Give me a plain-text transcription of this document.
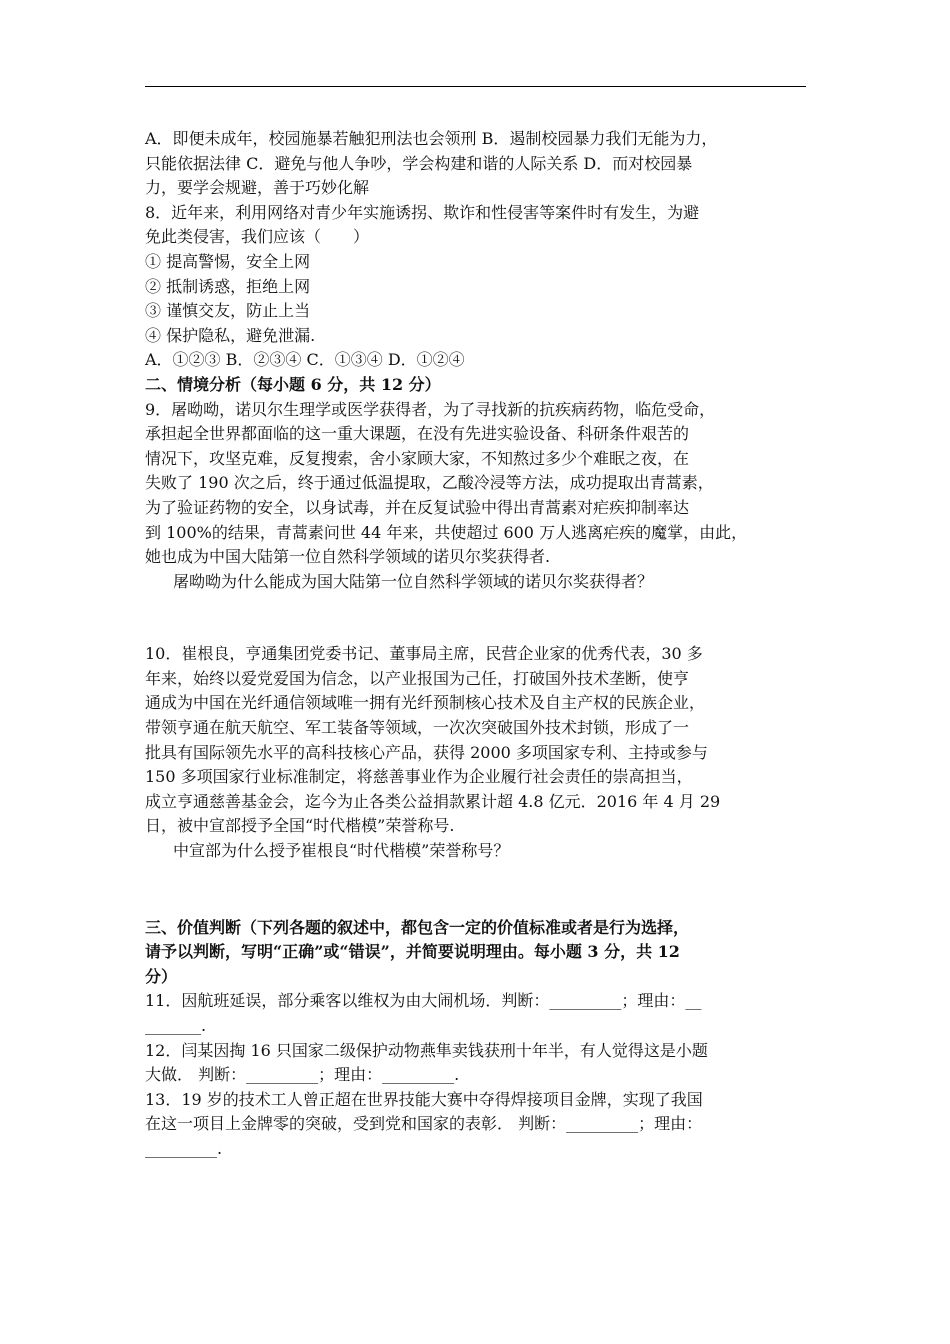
A．即便未成年，校园施暴若触犯刑法也会领刑 B．遏制校园暴力我们无能为力，
只能依据法律 C．避免与他人争吵，学会构建和谐的人际关系 D．而对校园暴
力，要学会规避，善于巧妙化解
8．近年来，利用网络对青少年实施诱拐、欺诈和性侵害等案件时有发生，为避
免此类侵害，我们应该（　　）
① 提高警惕，安全上网
② 抵制诱惑，拒绝上网
③ 谨慎交友，防止上当
④ 保护隐私，避免泄漏.
A．①②③ B．②③④ C．①③④ D．①②④
二、情境分析（每小题 6 分，共 12 分）
9．屠呦呦，诺贝尔生理学或医学获得者，为了寻找新的抗疾病药物，临危受命，
承担起全世界都面临的这一重大课题，在没有先进实验设备、科研条件艰苦的
情况下，攻坚克难，反复搜索，舍小家顾大家，不知熬过多少个难眠之夜，在
失败了 190 次之后，终于通过低温提取，乙酸冷浸等方法，成功提取出青蒿素，
为了验证药物的安全，以身试毒，并在反复试验中得出青蒿素对疟疾抑制率达
到 100%的结果，青蒿素问世 44 年来，共使超过 600 万人逃离疟疾的魔掌，由此，
她也成为中国大陆第一位自然科学领域的诺贝尔奖获得者.
屠呦呦为什么能成为国大陆第一位自然科学领域的诺贝尔奖获得者？
10．崔根良，亨通集团党委书记、董事局主席，民营企业家的优秀代表，30 多
年来，始终以爱党爱国为信念，以产业报国为己任，打破国外技术垄断，使亨
通成为中国在光纤通信领域唯一拥有光纤预制核心技术及自主产权的民族企业，
带领亨通在航天航空、军工装备等领域，一次次突破国外技术封锁，形成了一
批具有国际领先水平的高科技核心产品，获得 2000 多项国家专利、主持或参与
150 多项国家行业标准制定，将慈善事业作为企业履行社会责任的崇高担当，
成立亨通慈善基金会，迄今为止各类公益捐款累计超 4.8 亿元．2016 年 4 月 29
日，被中宣部授予全国“时代楷模”荣誉称号.
中宣部为什么授予崔根良“时代楷模”荣誉称号？
三、价值判断（下列各题的叙述中，都包含一定的价值标准或者是行为选择，
请予以判断，写明“正确”或“错误”，并简要说明理由。每小题 3 分，共 12
分）
11．因航班延误，部分乘客以维权为由大闹机场．判断：_________；理由：__
_______.
12．闫某因掏 16 只国家二级保护动物燕隼卖钱获刑十年半，有人觉得这是小题
大做． 判断：_________；理由：_________.
13．19 岁的技术工人曾正超在世界技能大赛中夺得焊接项目金牌，实现了我国
在这一项目上金牌零的突破，受到党和国家的表彰． 判断：_________；理由：
_________.
